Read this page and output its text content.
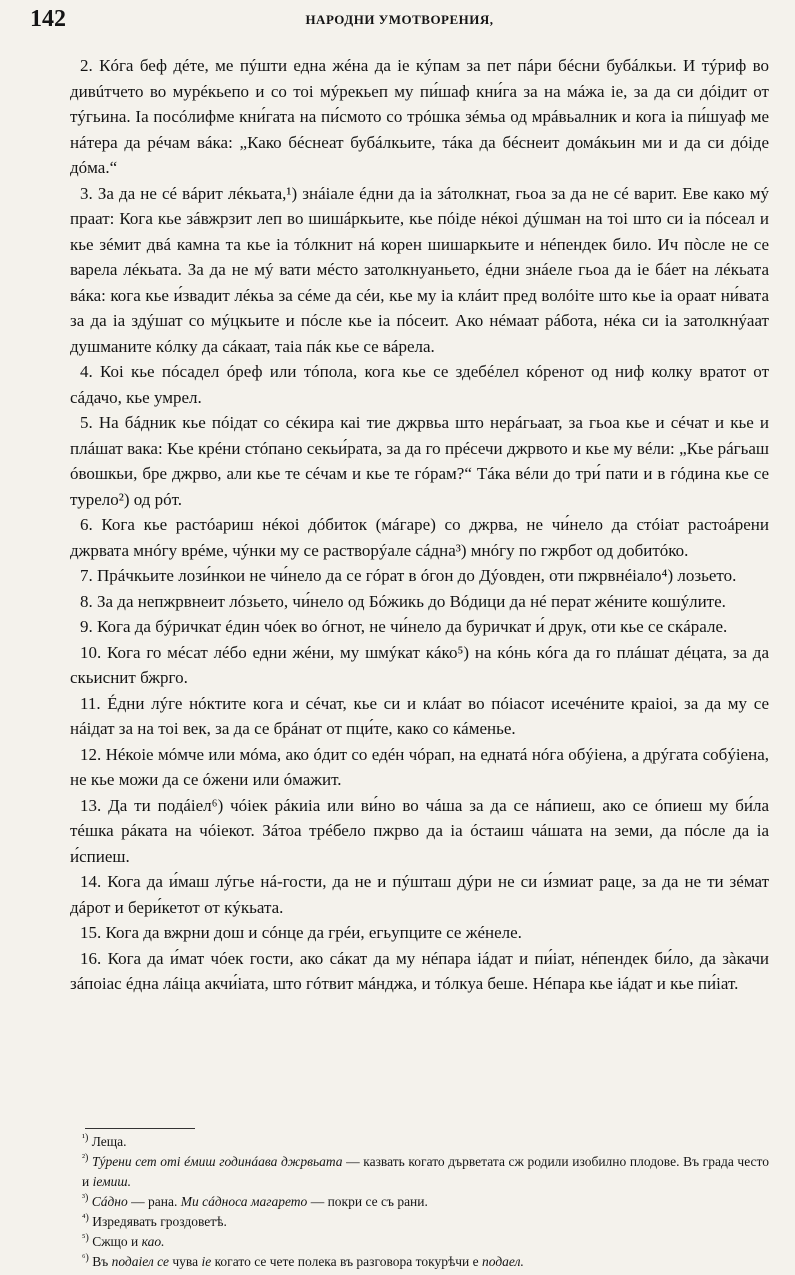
142	НАРОДНИ УМОТВОРЕНИЯ,

2. Кóга беф дéте, ме пýшти една жéна да iе кýпам за пет пáри бéсни бубáлкьи. И тýриф во дивúтчето во мурéкьепо и со тоi мýрекьеп му пи́шаф кни́га за на мáжа iе, за да си дóiдит от тýгьина. Iа посóлифме кни́гата на пи́смото со трóшка зéмьа од мрáвьалник и кога iа пи́шуаф ме нáтера да рéчам вáка: „Како бéснеат бубáлкьите, тáка да бéснеит домáкьин ми и да си дóiде дóма.“

3. За да не сé вáрит лéкьата,¹) знáiале éдни да iа зáтолкнат, гьоа за да не сé варит. Еве како мý праат: Кога кье зáвжрзит леп во шишáркьите, кье пóiде нéкоi дýшман на тоi што си iа пóсеал и кье зéмит двá камна та кье iа тóлкнит нá корен шишаркьите и нéпендек било. Ич пòсле не се варела лéкьата. За да не мý вати мéсто затолкнуаньето, éдни знáеле гьоа да iе бáет на лéкьата вáка: кога кье и́звадит лéкьа за сéме да сéи, кье му iа клáит пред волóiте што кье iа ораат ни́вата за да iа здýшат со мýцкьите и пóсле кье iа пóсеит. Ако нéмаат рáбота, нéка си iа затолкнýаат душманите кóлку да сáкаат, таiа пáк кье се вáрела.

4. Коi кье пóсадел óреф или тóпола, кога кье се здебéлел кóренот од ниф колку вратот от сáдачо, кье умрел.

5. На бáдник кье пóiдат со сéкира каi тие джрвьа што нерáгьаат, за гьоа кье и сéчат и кье и плáшат вака: Кье крéни стóпано секьи́рата, за да го прéсечи джрвото и кье му вéли: „Кье рáгьаш óвошкьи, бре джрво, али кье те сéчам и кье те гóрам?“ Тáка вéли до три́ пати и в гóдина кье се турело²) од рóт.

6. Кога кье растóариш нéкоi дóбиток (мáгаре) со джрва, не чи́нело да стóiат растоáрени джрвата мнóгу врéме, чýнки му се растворýале сáдна³) мнóгу по гжрбот од добитóко.

7. Прáчкьите лози́нкои не чи́нело да се гóрат в óгон до Дýовден, оти пжрвнéiало⁴) лозьето.

8. За да непжрвнеит лóзьето, чи́нело од Бóжикь до Вóдици да нé перат жéните кошýлите.

9. Кога да бýричкат éдин чóек во óгнот, не чи́нело да буричкат и́ друк, оти кье се скáрале.

10. Кога го мéсат лéбо едни жéни, му шмýкат кáко⁵) на кóнь кóга да го плáшат дéцата, за да скьиснит бжрго.

11. Éдни лýге нóктите кога и сéчат, кье си и клáат во пóiасот исечéните краiоi, за да му се нáiдат за на тоi век, за да се брáнат от пци́те, како со кáменье.

12. Нéкоiе мóмче или мóма, ако óдит со едéн чóрап, на еднатá нóга обýiена, а дрýгата собýiена, не кье можи да се óжени или óмажит.

13. Да ти подáiел⁶) чóiек рáкиiа или ви́но во чáша за да се нáпиеш, ако се óпиеш му би́ла тéшка рáката на чóiекот. Зáтоа трéбело пжрво да iа óстаиш чáшата на земи, да пóсле да iа и́спиеш.

14. Кога да и́маш лýгье нá-гости, да не и пýшташ дýри не си и́змиат раце, за да не ти зéмат дáрот и бери́кетот от кýкьата.

15. Кога да вжрни дош и сóнце да грéи, егьупците се жéнеле.

16. Кога да и́мат чóек гости, ако сáкат да му нéпара iáдат и пи́iат, нéпендек би́ло, да зàкачи зáпоiас éдна лáiца акчи́iата, што гóтвит мáнджа, и тóлкуа беше. Нéпара кье iáдат и кье пи́iат.

$^{^1)}$ Леща.

$^{^2)}$ Тýрени сет оті éмиш годинáава джрвьата — казвать когато дърветата сж родили изобилно плодове. Въ града често и iемиш.

$^{^3)}$ Сáдно — рана. Ми сáдноса магарето — покри се съ рани.

$^{^4)}$ Изредявать гроздоветѣ.

$^{^5)}$ Сжщо и као.

$^{^6)}$ Въ подаiел се чува iе когато се чете полека въ разговора токурѣчи е подаел.
